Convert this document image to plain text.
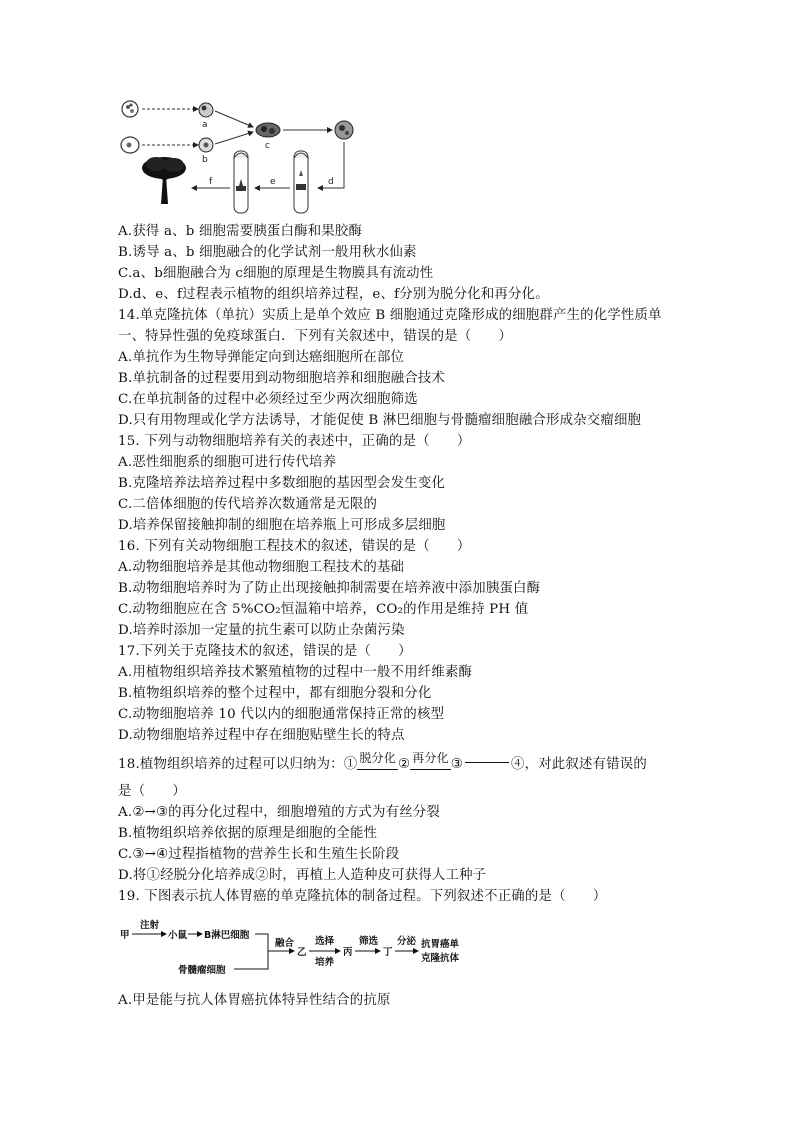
a
b
c
d
e
f
A.获得 a、b 细胞需要胰蛋白酶和果胶酶
B.诱导 a、b 细胞融合的化学试剂一般用秋水仙素
C.a、b细胞融合为 c细胞的原理是生物膜具有流动性
D.d、e、f过程表示植物的组织培养过程，e、f分别为脱分化和再分化。
14.单克隆抗体（单抗）实质上是单个效应 B 细胞通过克隆形成的细胞群产生的化学性质单
一、特异性强的免疫球蛋白．下列有关叙述中，错误的是（　　）
A.单抗作为生物导弹能定向到达癌细胞所在部位
B.单抗制备的过程要用到动物细胞培养和细胞融合技术
C.在单抗制备的过程中必须经过至少两次细胞筛选
D.只有用物理或化学方法诱导，才能促使 B 淋巴细胞与骨髓瘤细胞融合形成杂交瘤细胞
15. 下列与动物细胞培养有关的表述中，正确的是（　　）
A.恶性细胞系的细胞可进行传代培养
B.克隆培养法培养过程中多数细胞的基因型会发生变化
C.二倍体细胞的传代培养次数通常是无限的
D.培养保留接触抑制的细胞在培养瓶上可形成多层细胞
16. 下列有关动物细胞工程技术的叙述，错误的是（　　）
A.动物细胞培养是其他动物细胞工程技术的基础
B.动物细胞培养时为了防止出现接触抑制需要在培养液中添加胰蛋白酶
C.动物细胞应在含 5%CO₂恒温箱中培养，CO₂的作用是维持 PH 值
D.培养时添加一定量的抗生素可以防止杂菌污染
17.下列关于克隆技术的叙述，错误的是（　　）
A.用植物组织培养技术繁殖植物的过程中一般不用纤维素酶
B.植物组织培养的整个过程中，都有细胞分裂和分化
C.动物细胞培养 10 代以内的细胞通常保持正常的核型
D.动物细胞培养过程中存在细胞贴壁生长的特点
18.植物组织培养的过程可以归纳为：① 脱分化 ② 再分化 ③	④，对此叙述有错误的
是（　　）
A.②→③的再分化过程中，细胞增殖的方式为有丝分裂
B.植物组织培养依据的原理是细胞的全能性
C.③→④过程指植物的营养生长和生殖生长阶段
D.将①经脱分化培养成②时，再植上人造种皮可获得人工种子
19. 下图表示抗人体胃癌的单克隆抗体的制备过程。下列叙述不正确的是（　　）
甲
注射
小鼠 B淋巴细胞
骨髓瘤细胞
融合
乙
选择
培养
丙
筛选
丁
分泌 抗胃癌单
克隆抗体
A.甲是能与抗人体胃癌抗体特异性结合的抗原
